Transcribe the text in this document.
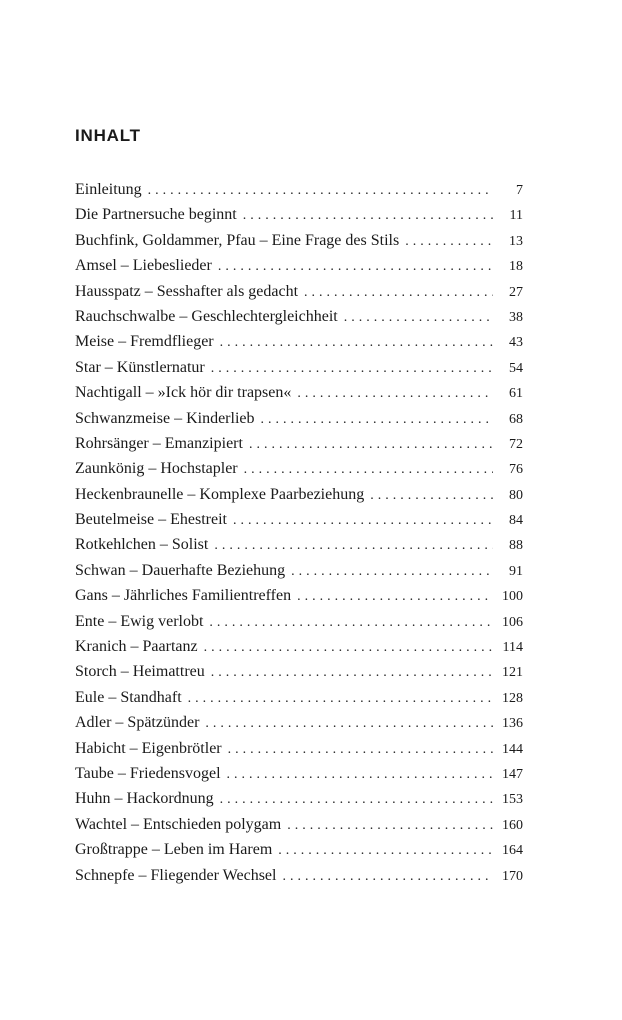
INHALT
Einleitung . . .	7
Die Partnersuche beginnt . . .	11
Buchfink, Goldammer, Pfau – Eine Frage des Stils . . .	13
Amsel – Liebeslieder . . .	18
Hausspatz – Sesshafter als gedacht . . .	27
Rauchschwalbe – Geschlechtergleichheit . . .	38
Meise – Fremdflieger . . .	43
Star – Künstlernatur . . .	54
Nachtigall – »Ick hör dir trapsen« . . .	61
Schwanzmeise – Kinderlieb . . .	68
Rohrsänger – Emanzipiert . . .	72
Zaunkönig – Hochstapler . . .	76
Heckenbraunelle – Komplexe Paarbeziehung . . .	80
Beutelmeise – Ehestreit . . .	84
Rotkehlchen – Solist . . .	88
Schwan – Dauerhafte Beziehung . . .	91
Gans – Jährliches Familientreffen . . .	100
Ente – Ewig verlobt . . .	106
Kranich – Paartanz . . .	114
Storch – Heimattreu . . .	121
Eule – Standhaft . . .	128
Adler – Spätzünder . . .	136
Habicht – Eigenbrötler . . .	144
Taube – Friedensvogel . . .	147
Huhn – Hackordnung . . .	153
Wachtel – Entschieden polygam . . .	160
Großtrappe – Leben im Harem . . .	164
Schnepfe – Fliegender Wechsel . . .	170
